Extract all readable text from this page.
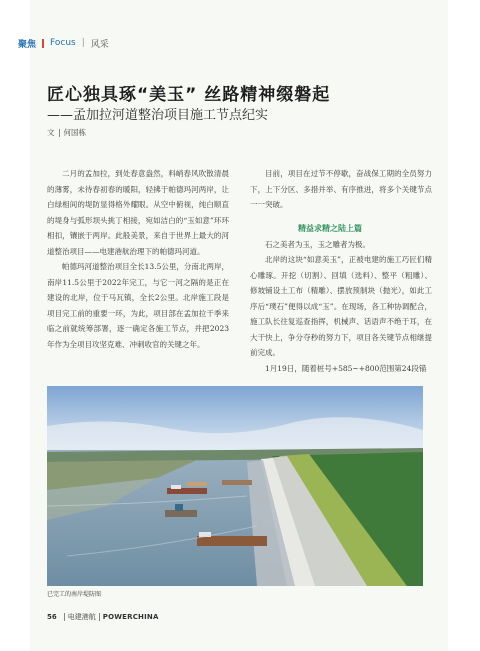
聚焦 Focus | 风采
匠心独具琢“美玉” 丝路精神缀磐起
——孟加拉河道整治项目施工节点纪实
文 何国栋

二月的孟加拉，到处春意盎然，料峭春风吹散清晨的薄雾，未待春初春的暖阳，轻拂于帕德玛河两岸，让白绿相间的堤防显得格外耀眼。从空中俯视，纯白顺直的堤身与弧形坝头挑丁相接，宛如洁白的“玉如意”环环相扣，镶嵌于两岸。此般美景，来自于世界上最大的河道整治项目——电建港航治理下的帕德玛河道。

帕德玛河道整治项目全长13.5公里，分南北两岸，南岸11.5公里于2022年完工，与它一河之隔的是正在建设的北岸，位于马瓦镇，全长2公里。北岸施工段是项目完工前的重要一环，为此，项目部在孟加拉干季来临之前就统筹部署，逐一确定各施工节点，并把2023年作为全项目攻坚克难、冲刺收官的关键之年。

目前，项目在过节不停歇，奋战保工期的全员努力下，上下分区、多措并举、有序推进，将多个关键节点一一突破。

精益求精之陆上篇

石之美者为玉，玉之雕者为极。

北岸的这块“如意美玉”，正被电建的施工巧匠们精心雕琢。开挖（切割）、回填（选料）、整平（粗雕）、修坡铺设土工布（精雕）、摆放预制块（抛光），如此工序后“璞石”便得以成“玉”。在现场，各工种协调配合，施工队长往复巡查指挥，机械声、话语声不绝于耳，在大干快上，争分夺秒的努力下，项目各关键节点相继提前完成。

1月19日，随着桩号+585~+800范围第24段锚

已完工的南岸堤防图
56 电建港航 POWERCHINA
